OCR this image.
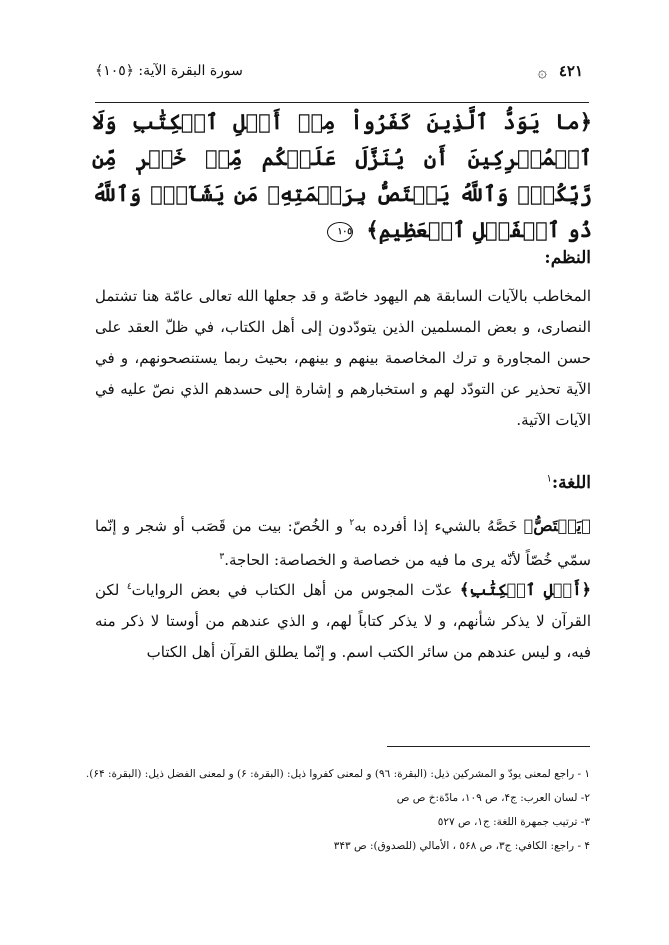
٤٢١
۞
سورة البقرة الآية: ﴿١٠٥﴾
﴿ما يَوَدُّ ٱلَّذِينَ كَفَرُواْ مِنۡ أَهۡلِ ٱلۡكِتَٰبِ وَلَا ٱلۡمُشۡرِكِينَ أَن يُنَزَّلَ عَلَيۡكُم مِّنۡ خَيۡرٖ مِّن رَّبِّكُمۡۚ وَٱللَّهُ يَخۡتَصُّ بِرَحۡمَتِهِۦ مَن يَشَآءُۚ وَٱللَّهُ ذُو ٱلۡفَضۡلِ ٱلۡعَظِيمِ﴾ ١٠٥
النظم:
المخاطب بالآيات السابقة هم اليهود خاصّة و قد جعلها الله تعالى عامّة هنا تشتمل النصارى، و بعض المسلمين الذين يتودّدون إلى أهل الكتاب، في ظلّ العقد على حسن المجاورة و ترك المخاصمة بينهم و بينهم، بحيث ربما يستنصحونهم، و في الآية تحذير عن التودّد لهم و استخبارهم و إشارة إلى حسدهم الذي نصّ عليه في الآيات الآتية.
اللغة:$^١$
﴿يَخۡتَصُّ﴾ خَصَّهُ بالشيء إذا أفرده به$^٢$ و الخُصّ: بيت من قَصَب أو شجر و إنّما سمّي خُصّاً لأنّه يرى ما فيه من خصاصة و الخصاصة: الحاجة.$^٣$
﴿أَهۡلِ ٱلۡكِتَٰبِ﴾ عدّت المجوس من أهل الكتاب في بعض الروايات$^٤$ لكن القرآن لا يذكر شأنهم، و لا يذكر كتاباً لهم، و الذي عندهم من أوستا لا ذكر منه فيه، و ليس عندهم من سائر الكتب اسم. و إنّما يطلق القرآن أهل الكتاب
١ - راجع لمعنى يودّ و المشركين ذيل: (البقرة: ٩٦) و لمعنى كفروا ذيل: (البقرة: ۶) و لمعنى الفضل ذيل: (البقرة: ۶۴).
٢- لسان العرب: ج۴، ص ١٠٩، مادّة:خ ص ص
٣- ترتيب جمهرة اللغة: ج١، ص ٥٢٧
۴ - راجع: الكافي: ج٣، ص ٥۶٨ ، الأمالي (للصدوق): ص ٣۴٣
